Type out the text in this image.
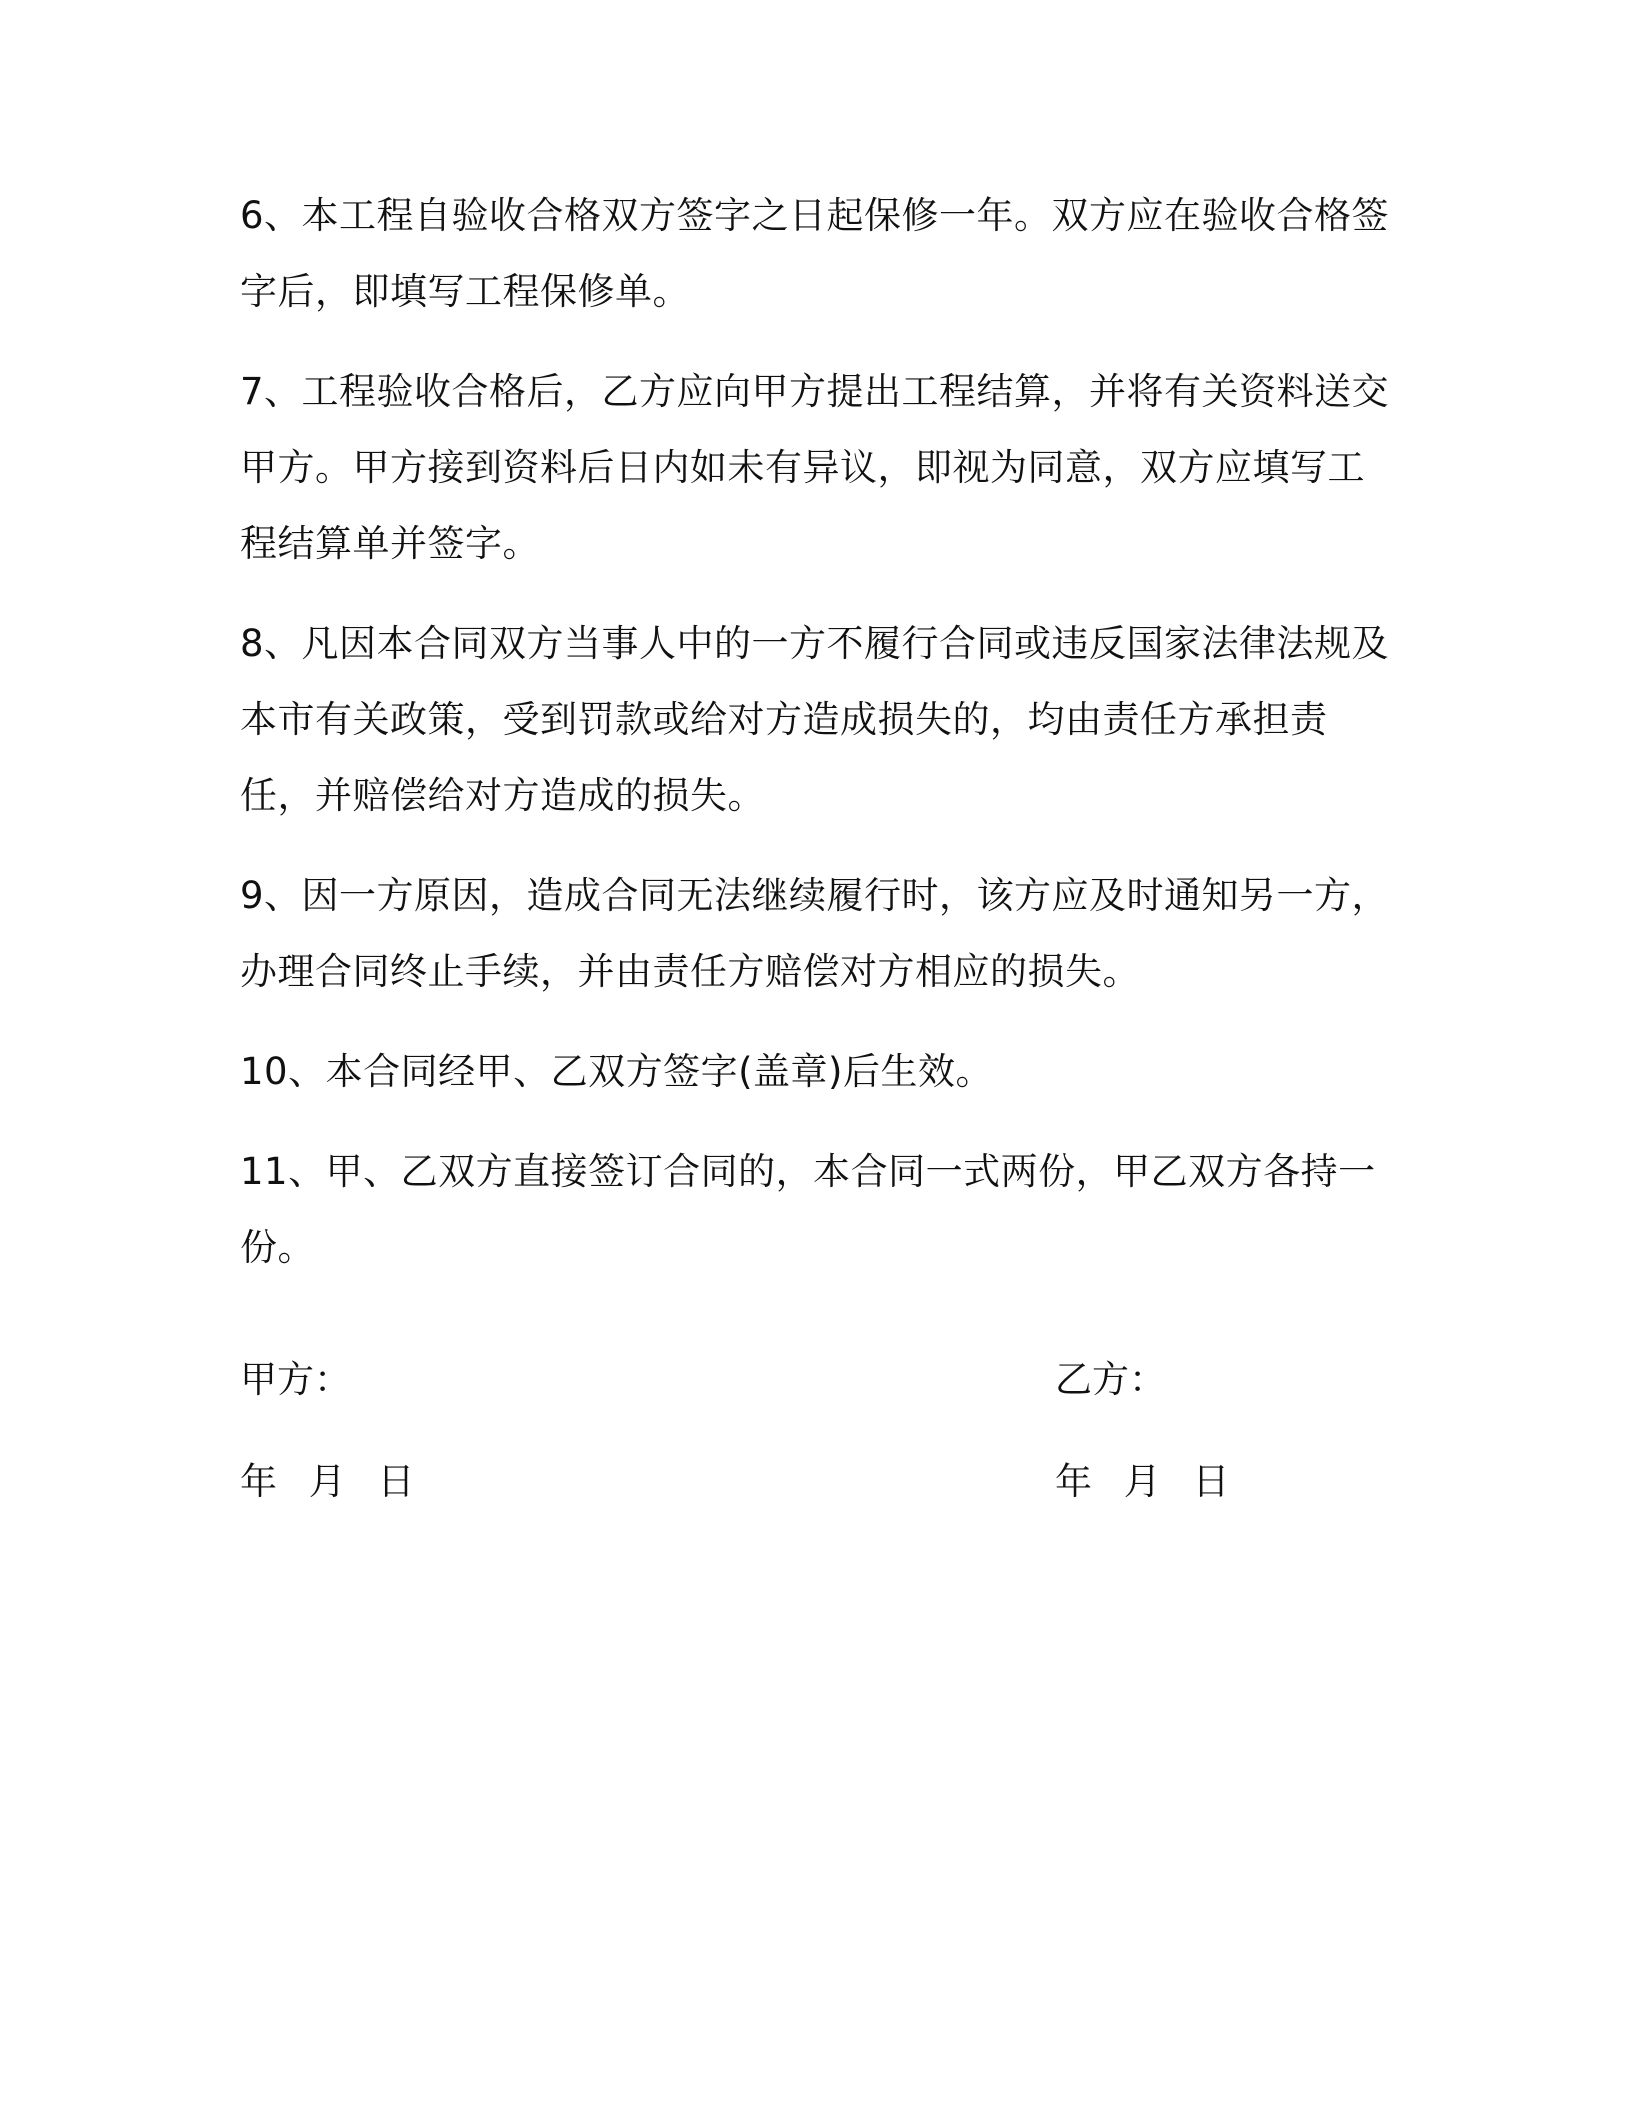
6、本工程自验收合格双方签字之日起保修一年。双方应在验收合格签字后，即填写工程保修单。

7、工程验收合格后，乙方应向甲方提出工程结算，并将有关资料送交甲方。甲方接到资料后日内如未有异议，即视为同意，双方应填写工程结算单并签字。

8、凡因本合同双方当事人中的一方不履行合同或违反国家法律法规及本市有关政策，受到罚款或给对方造成损失的，均由责任方承担责任，并赔偿给对方造成的损失。

9、因一方原因，造成合同无法继续履行时，该方应及时通知另一方，办理合同终止手续，并由责任方赔偿对方相应的损失。

10、本合同经甲、乙双方签字(盖章)后生效。

11、甲、乙双方直接签订合同的，本合同一式两份，甲乙双方各持一份。

甲方：	乙方：
年 月 日	年 月 日
